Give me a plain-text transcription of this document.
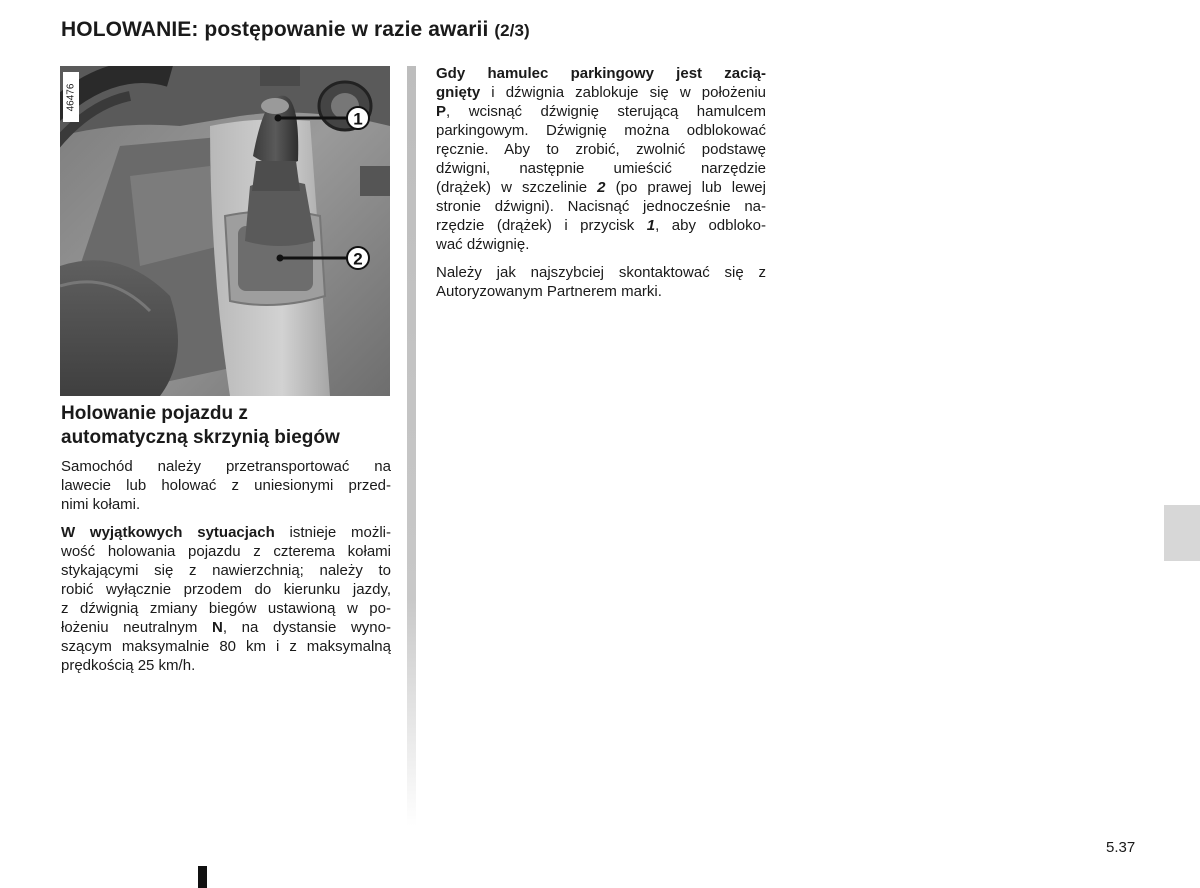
HOLOWANIE: postępowanie w razie awarii (2/3)
1
2
46476
Holowanie pojazdu z
automatyczną skrzynią biegów

Samochód należy przetransportować na
lawecie lub holować z uniesionymi przed-
nimi kołami.

W wyjątkowych sytuacjach istnieje możli-
wość holowania pojazdu z czterema kołami
stykającymi się z nawierzchnią; należy to
robić wyłącznie przodem do kierunku jazdy,
z dźwignią zmiany biegów ustawioną w po-
łożeniu neutralnym N, na dystansie wyno-
szącym maksymalnie 80 km i z maksymalną
prędkością 25 km/h.

Gdy hamulec parkingowy jest zacią-
gnięty i dźwignia zablokuje się w położeniu
P, wcisnąć dźwignię sterującą hamulcem
parkingowym. Dźwignię można odblokować
ręcznie. Aby to zrobić, zwolnić podstawę
dźwigni, następnie umieścić narzędzie
(drążek) w szczelinie 2 (po prawej lub lewej
stronie dźwigni). Nacisnąć jednocześnie na-
rzędzie (drążek) i przycisk 1, aby odbloko-
wać dźwignię.

Należy jak najszybciej skontaktować się z
Autoryzowanym Partnerem marki.

5.37
